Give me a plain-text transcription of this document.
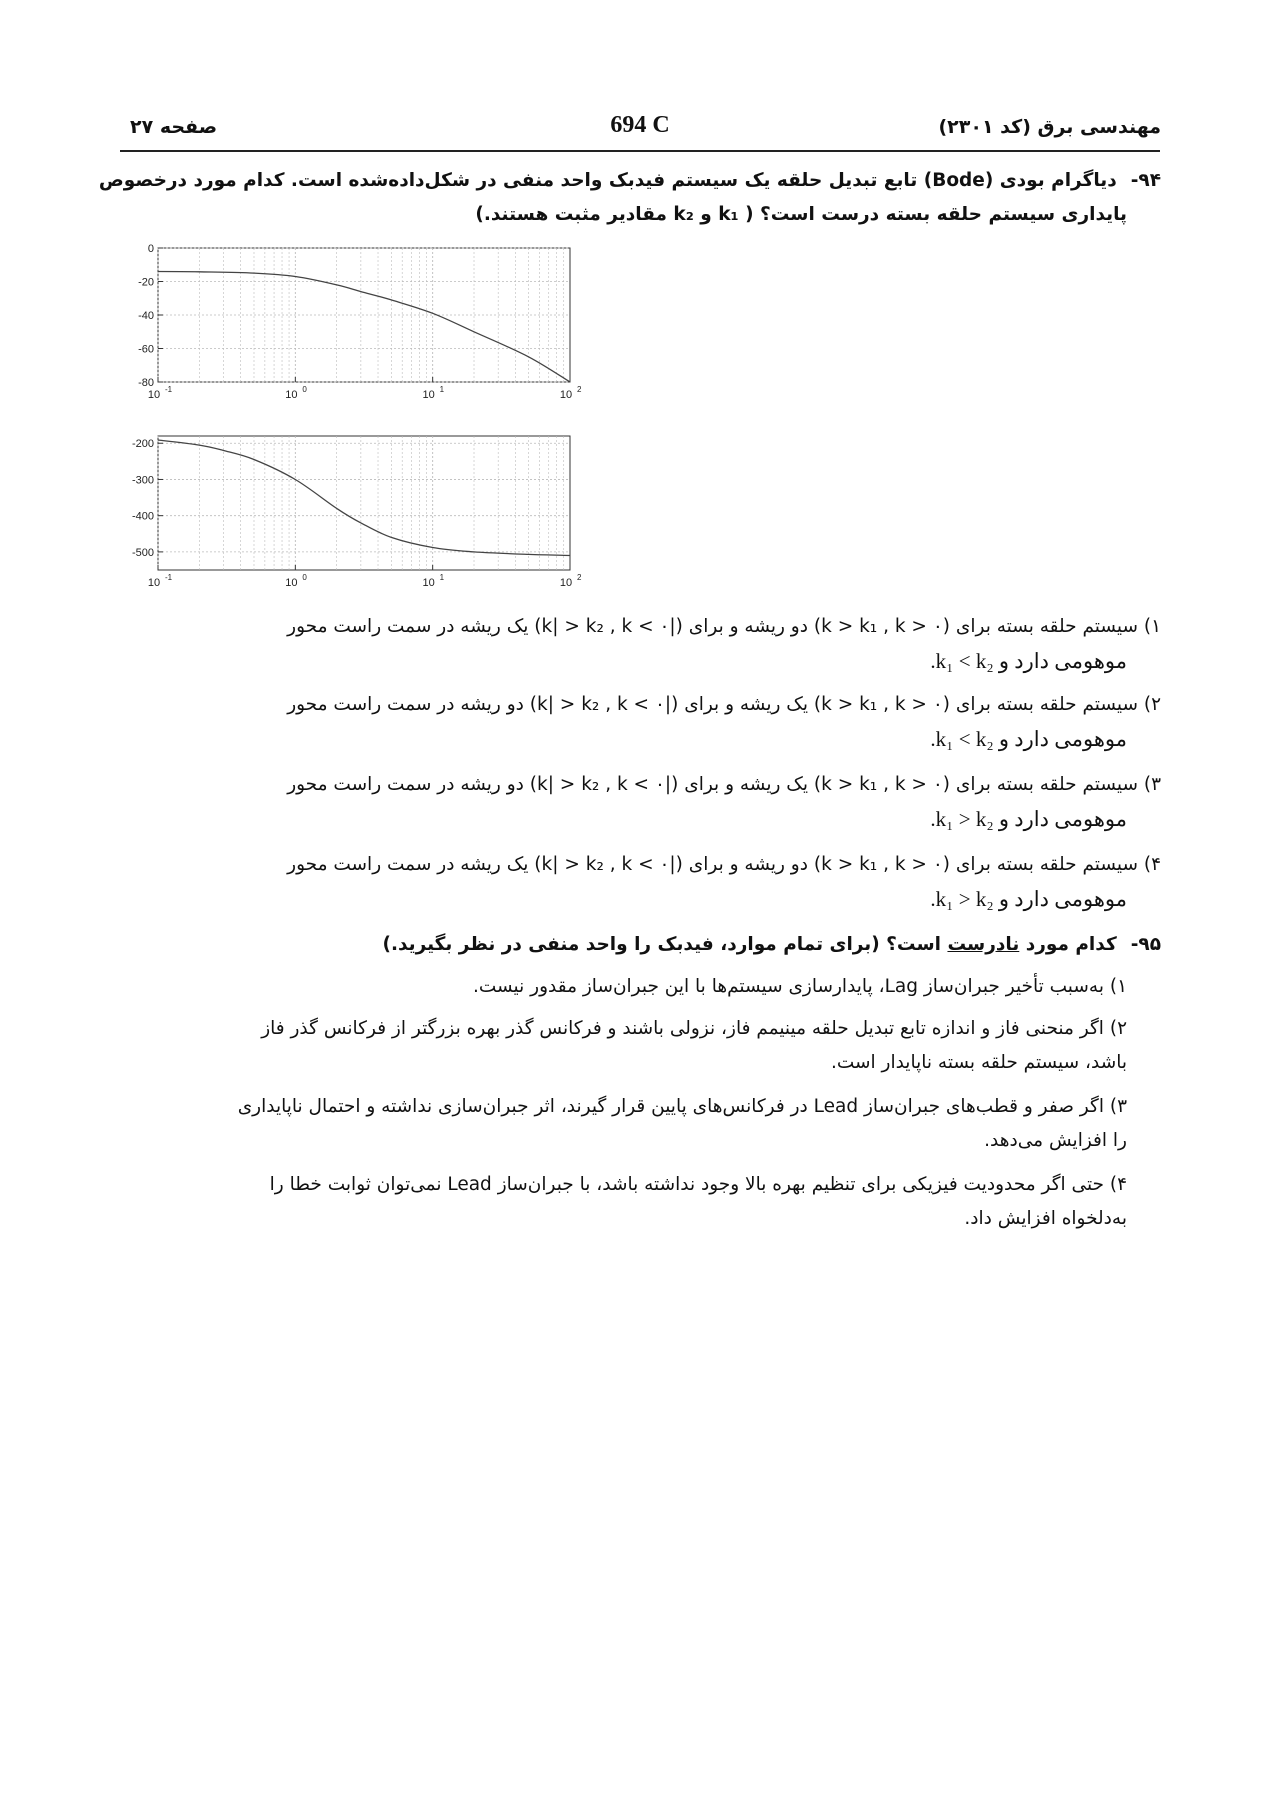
مهندسی برق (کد ۲۳۰۱)
694 C
صفحه ۲۷
۹۴-دیاگرام بودی (Bode) تابع تبدیل حلقه یک سیستم فیدبک واحد منفی در شکل‌داده‌شده است. کدام مورد درخصوص
پایداری سیستم حلقه بسته درست است؟ ( k₁ و k₂ مقادیر مثبت هستند.)
0
-20
-40
-60
-80
10 -1	10 0	10 1	10 2
-200
-300
-400
-500
10 -1	10 0	10 1	10 2
۱) سیستم حلقه بسته برای (k > k₁ , k > ۰) دو ریشه و برای (|k| > k₂ , k < ۰) یک ریشه در سمت راست محور
موهومی دارد و k₁ < k₂.
۲) سیستم حلقه بسته برای (k > k₁ , k > ۰) یک ریشه و برای (|k| > k₂ , k < ۰) دو ریشه در سمت راست محور
موهومی دارد و k₁ < k₂.
۳) سیستم حلقه بسته برای (k > k₁ , k > ۰) یک ریشه و برای (|k| > k₂ , k < ۰) دو ریشه در سمت راست محور
موهومی دارد و k₁ > k₂.
۴) سیستم حلقه بسته برای (k > k₁ , k > ۰) دو ریشه و برای (|k| > k₂ , k < ۰) یک ریشه در سمت راست محور
موهومی دارد و k₁ > k₂.
۹۵-کدام مورد نادرست است؟ (برای تمام موارد، فیدبک را واحد منفی در نظر بگیرید.)
۱) به‌سبب تأخیر جبران‌ساز Lag، پایدارسازی سیستم‌ها با این جبران‌ساز مقدور نیست.
۲) اگر منحنی فاز و اندازه تابع تبدیل حلقه مینیمم فاز، نزولی باشند و فرکانس گذر بهره بزرگتر از فرکانس گذر فاز
باشد، سیستم حلقه بسته ناپایدار است.
۳) اگر صفر و قطب‌های جبران‌ساز Lead در فرکانس‌های پایین قرار گیرند، اثر جبران‌سازی نداشته و احتمال ناپایداری
را افزایش می‌دهد.
۴) حتی اگر محدودیت فیزیکی برای تنظیم بهره بالا وجود نداشته باشد، با جبران‌ساز Lead نمی‌توان ثوابت خطا را
به‌دلخواه افزایش داد.
